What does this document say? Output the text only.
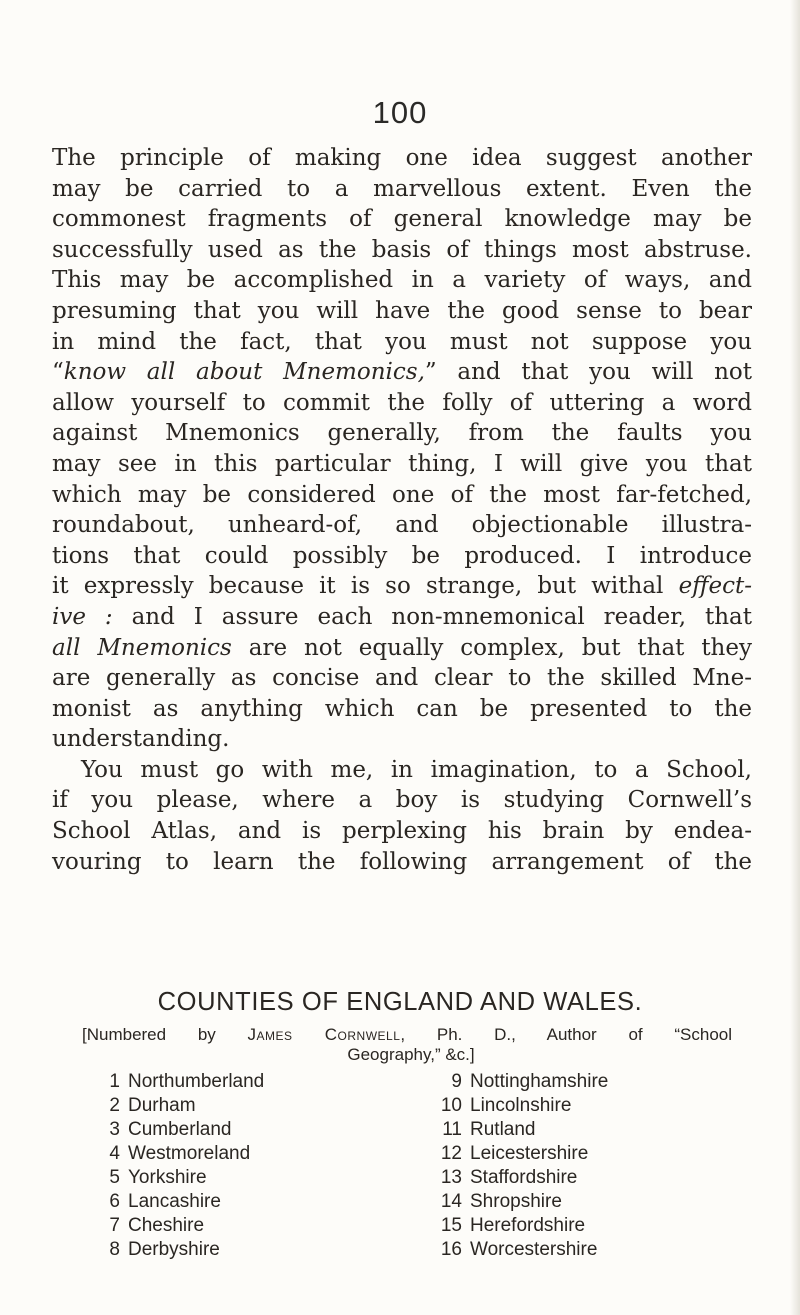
100
The principle of making one idea suggest another
may be carried to a marvellous extent. Even the
commonest fragments of general knowledge may be
successfully used as the basis of things most abstruse.
This may be accomplished in a variety of ways, and
presuming that you will have the good sense to bear
in mind the fact, that you must not suppose you
“know all about Mnemonics,” and that you will not
allow yourself to commit the folly of uttering a word
against Mnemonics generally, from the faults you
may see in this particular thing, I will give you that
which may be considered one of the most far-fetched,
roundabout, unheard-of, and objectionable illustra-
tions that could possibly be produced. I introduce
it expressly because it is so strange, but withal effect-
ive : and I assure each non-mnemonical reader, that
all Mnemonics are not equally complex, but that they
are generally as concise and clear to the skilled Mne-
monist as anything which can be presented to the
understanding.
You must go with me, in imagination, to a School,
if you please, where a boy is studying Cornwell’s
School Atlas, and is perplexing his brain by endea-
vouring to learn the following arrangement of the
COUNTIES OF ENGLAND AND WALES.
[Numbered by James Cornwell, Ph. D., Author of “School
Geography,” &c.]
1 Northumberland
2 Durham
3 Cumberland
4 Westmoreland
5 Yorkshire
6 Lancashire
7 Cheshire
8 Derbyshire
9 Nottinghamshire
10 Lincolnshire
11 Rutland
12 Leicestershire
13 Staffordshire
14 Shropshire
15 Herefordshire
16 Worcestershire
